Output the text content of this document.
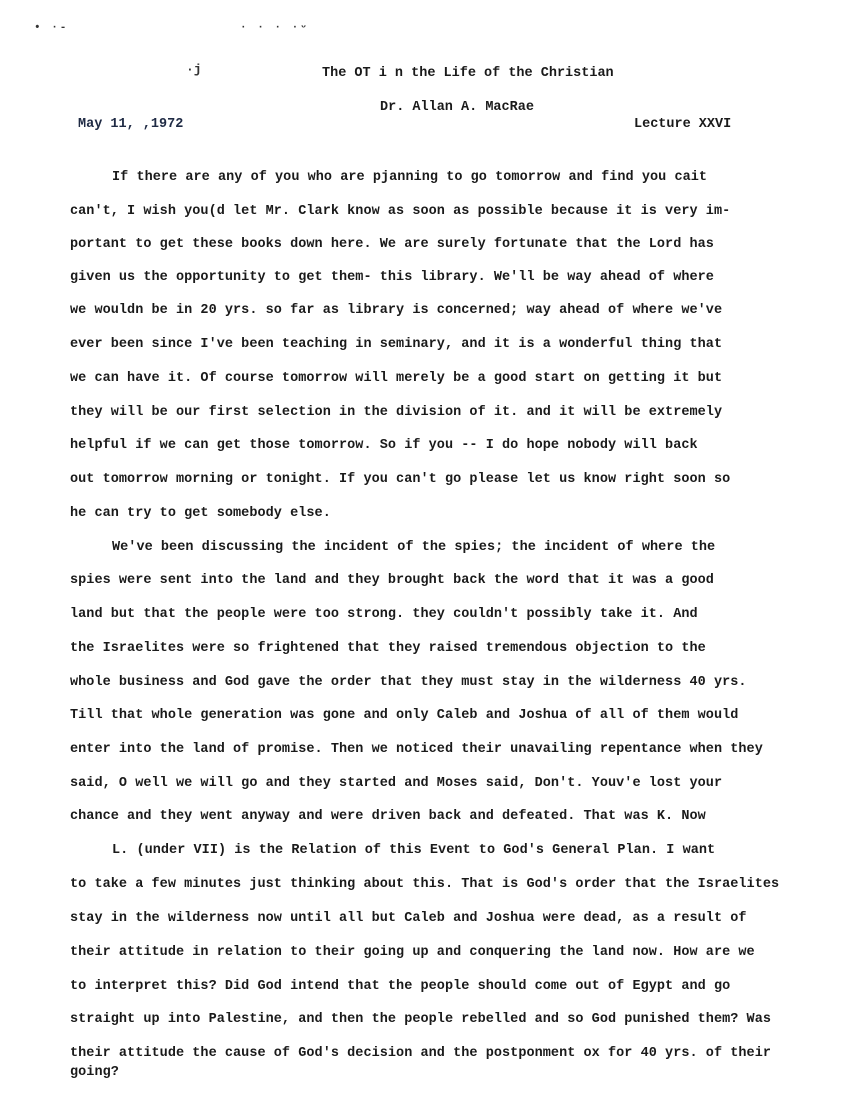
• ·-	· · · ·ᵕ
·j	The OT i n the Life of the Christian
Dr. Allan A. MacRae
May 11, ,1972	Lecture XXVI
If there are any of you who are pjanning to go tomorrow and find you cait
can't, I wish you(d let Mr. Clark know as soon as possible because it is very im-
portant to get these books down here. We are surely fortunate that the Lord has
given us the opportunity to get them- this library. We'll be way ahead of where
we wouldn be in 20 yrs. so far as library is concerned; way ahead of where we've
ever been since I've been teaching in seminary, and it is a wonderful thing that
we can have it. Of course tomorrow will merely be a good start on getting it but
they will be our first selection in the division of it. and it will be extremely
helpful if we can get those tomorrow. So if you -- I do hope nobody will back
out tomorrow morning or tonight. If you can't go please let us know right soon so
he can try to get somebody else.
We've been discussing the incident of the spies; the incident of where the
spies were sent into the land and they brought back the word that it was a good
land but that the people were too strong. they couldn't possibly take it. And
the Israelites were so frightened that they raised tremendous objection to the
whole business and God gave the order that they must stay in the wilderness 40 yrs.
Till that whole generation was gone and only Caleb and Joshua of all of them would
enter into the land of promise. Then we noticed their unavailing repentance when they
said, O well we will go and they started and Moses said, Don't. Youv'e lost your
chance and they went anyway and were driven back and defeated. That was K. Now
L. (under VII) is the Relation of this Event to God's General Plan. I want
to take a few minutes just thinking about this. That is God's order that the Israelites
stay in the wilderness now until all but Caleb and Joshua were dead, as a result of
their attitude in relation to their going up and conquering the land now. How are we
to interpret this? Did God intend that the people should come out of Egypt and go
straight up into Palestine, and then the people rebelled and so God punished them? Was
their attitude the cause of God's decision and the postponment ox for 40 yrs. of their
going?
